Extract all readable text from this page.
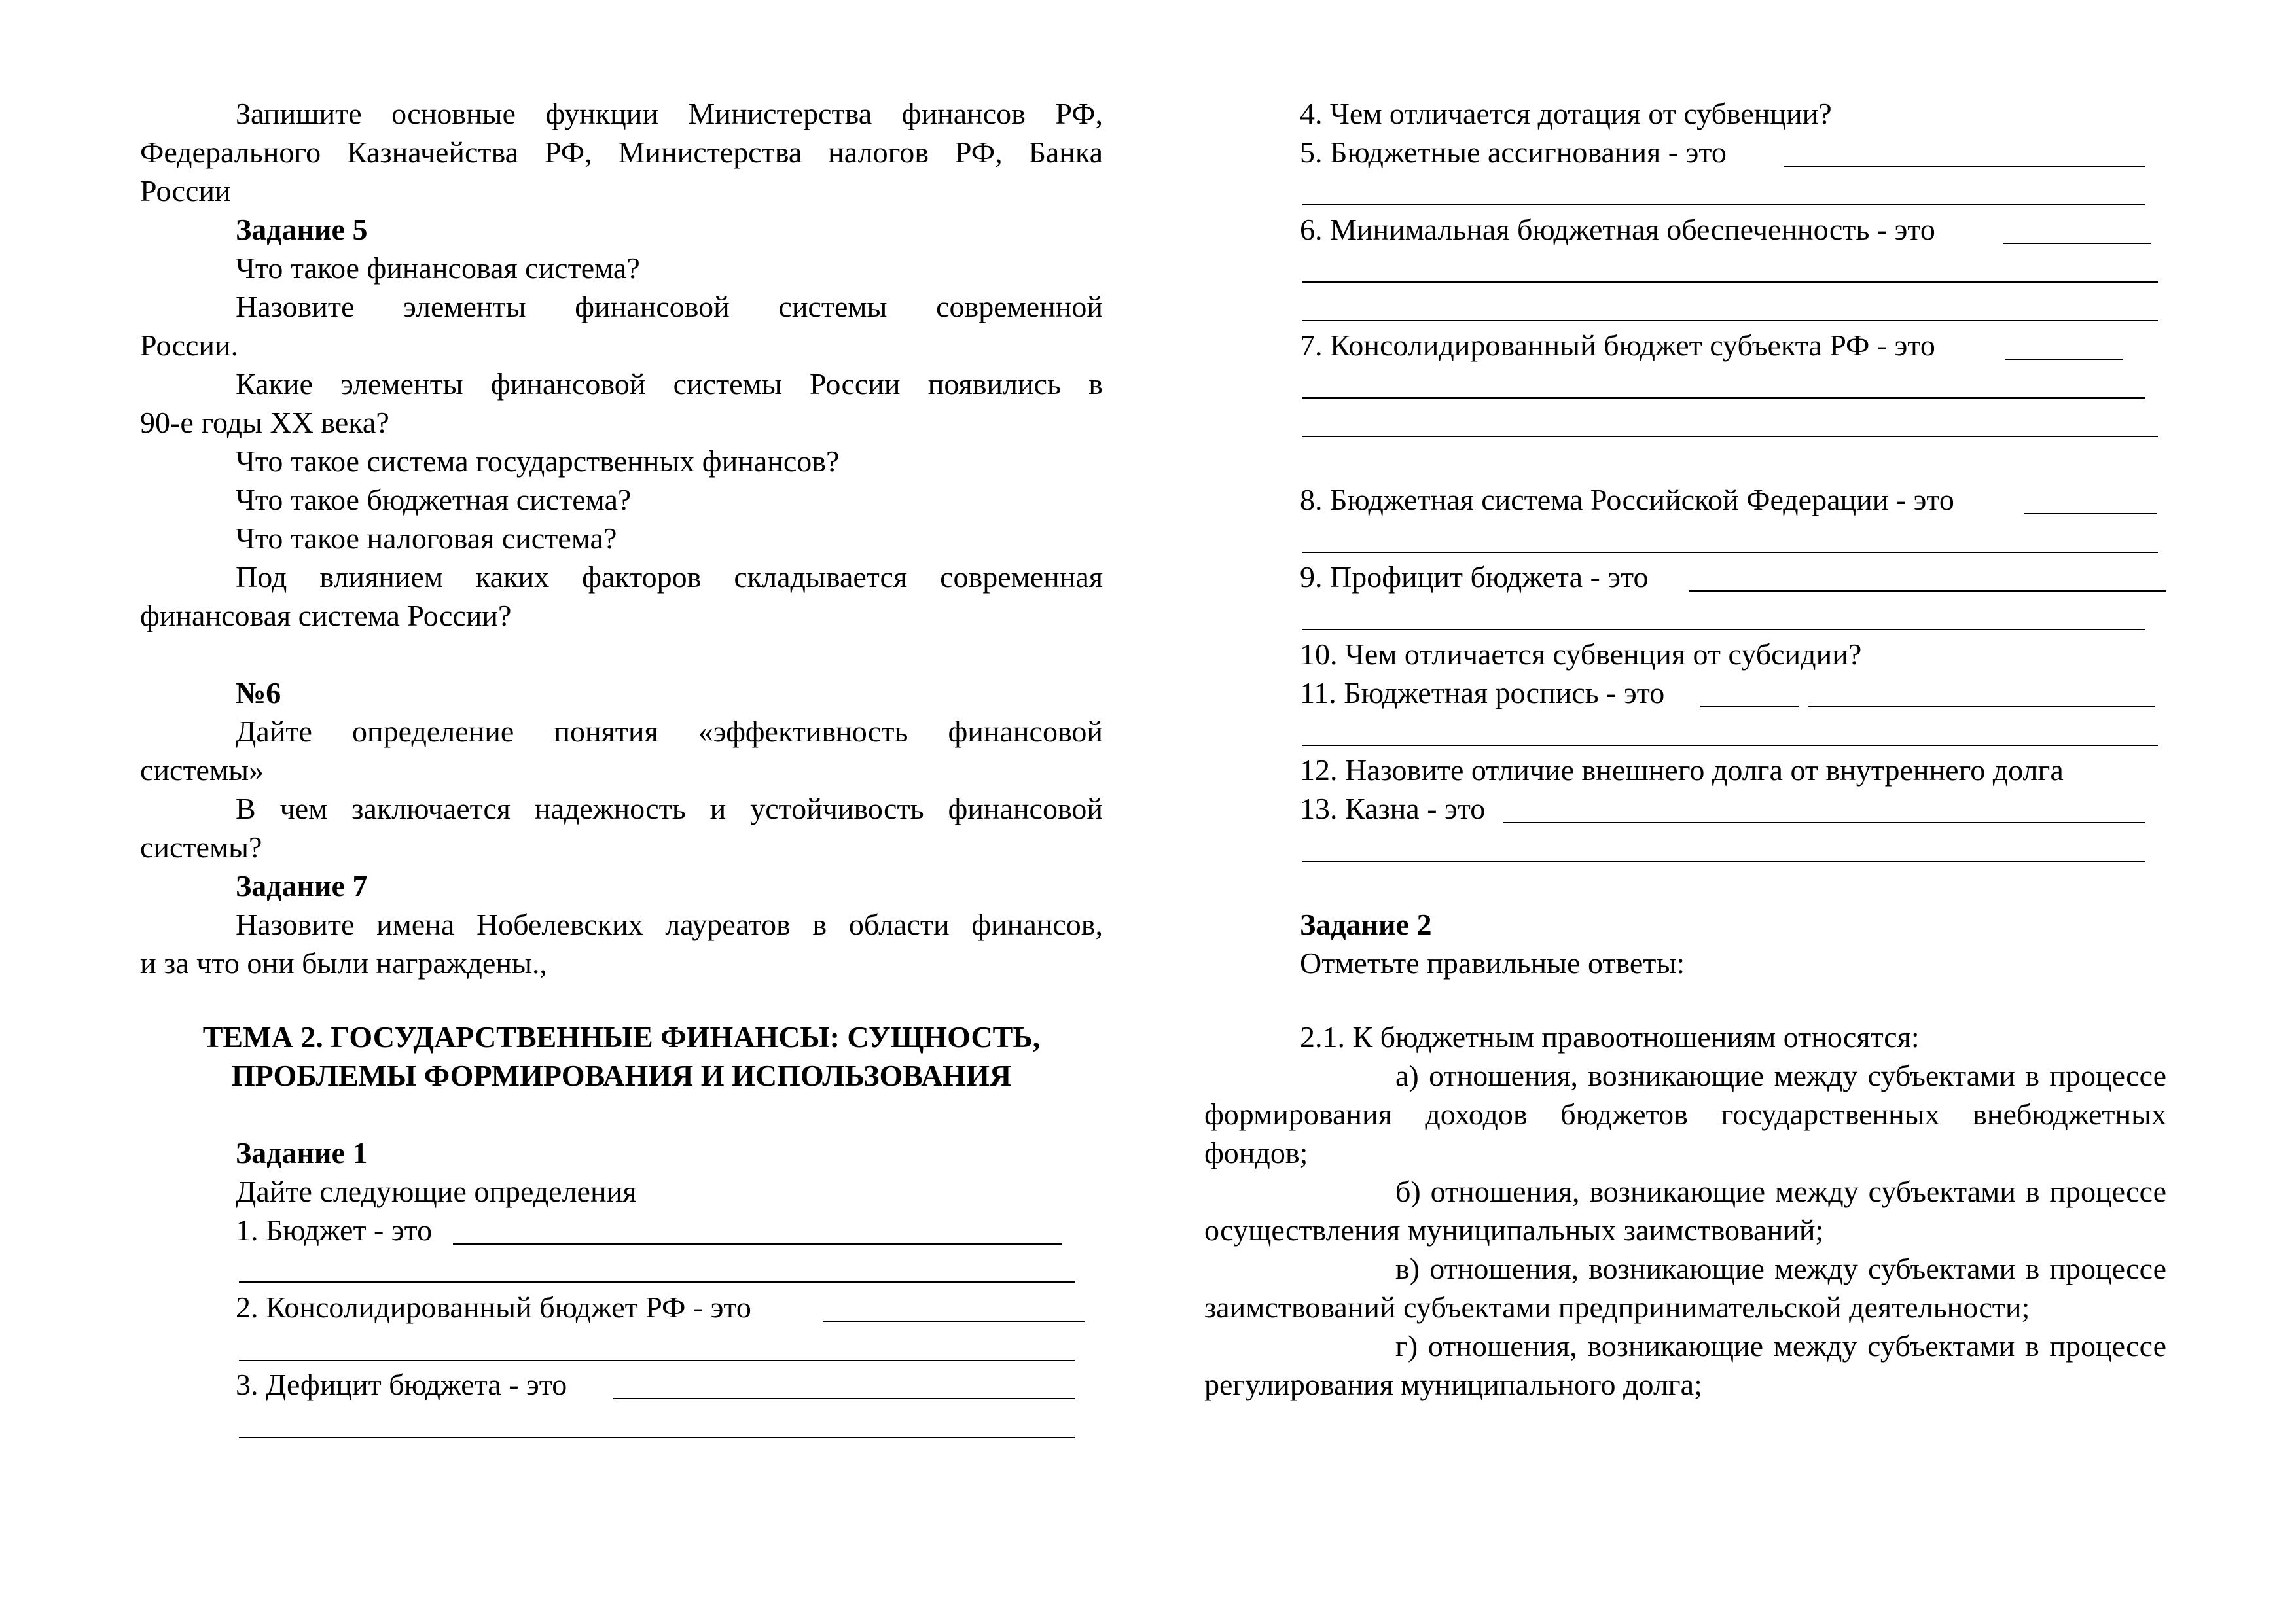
Запишите основные функции Министерства финансов РФ,
Федерального Казначейства РФ, Министерства налогов РФ, Банка
России
Задание 5
Что такое финансовая система?
Назовите элементы финансовой системы современной
России.
Какие элементы финансовой системы России появились в
90-е годы XX века?
Что такое система государственных финансов?
Что такое бюджетная система?
Что такое налоговая система?
Под влиянием каких факторов складывается современная
финансовая система России?
№6
Дайте определение понятия «эффективность финансовой
системы»
В чем заключается надежность и устойчивость финансовой
системы?
Задание 7
Назовите имена Нобелевских лауреатов в области финансов,
и за что они были награждены.,
ТЕМА 2. ГОСУДАРСТВЕННЫЕ ФИНАНСЫ: СУЩНОСТЬ,
ПРОБЛЕМЫ ФОРМИРОВАНИЯ И ИСПОЛЬЗОВАНИЯ
Задание 1
Дайте следующие определения
1. Бюджет - это
2. Консолидированный бюджет РФ - это
3. Дефицит бюджета - это
4. Чем отличается дотация от субвенции?
5. Бюджетные ассигнования - это
6. Минимальная бюджетная обеспеченность - это
7. Консолидированный бюджет субъекта РФ - это
8. Бюджетная система Российской Федерации - это
9. Профицит бюджета - это
10. Чем отличается субвенция от субсидии?
11. Бюджетная роспись - это
12. Назовите отличие внешнего долга от внутреннего долга
13. Казна - это
Задание 2
Отметьте правильные ответы:
2.1. К бюджетным правоотношениям относятся:
а) отношения, возникающие между субъектами в процессе
формирования доходов бюджетов государственных внебюджетных
фондов;
б) отношения, возникающие между субъектами в процессе
осуществления муниципальных заимствований;
в) отношения, возникающие между субъектами в процессе
заимствований субъектами предпринимательской деятельности;
г) отношения, возникающие между субъектами в процессе
регулирования муниципального долга;
